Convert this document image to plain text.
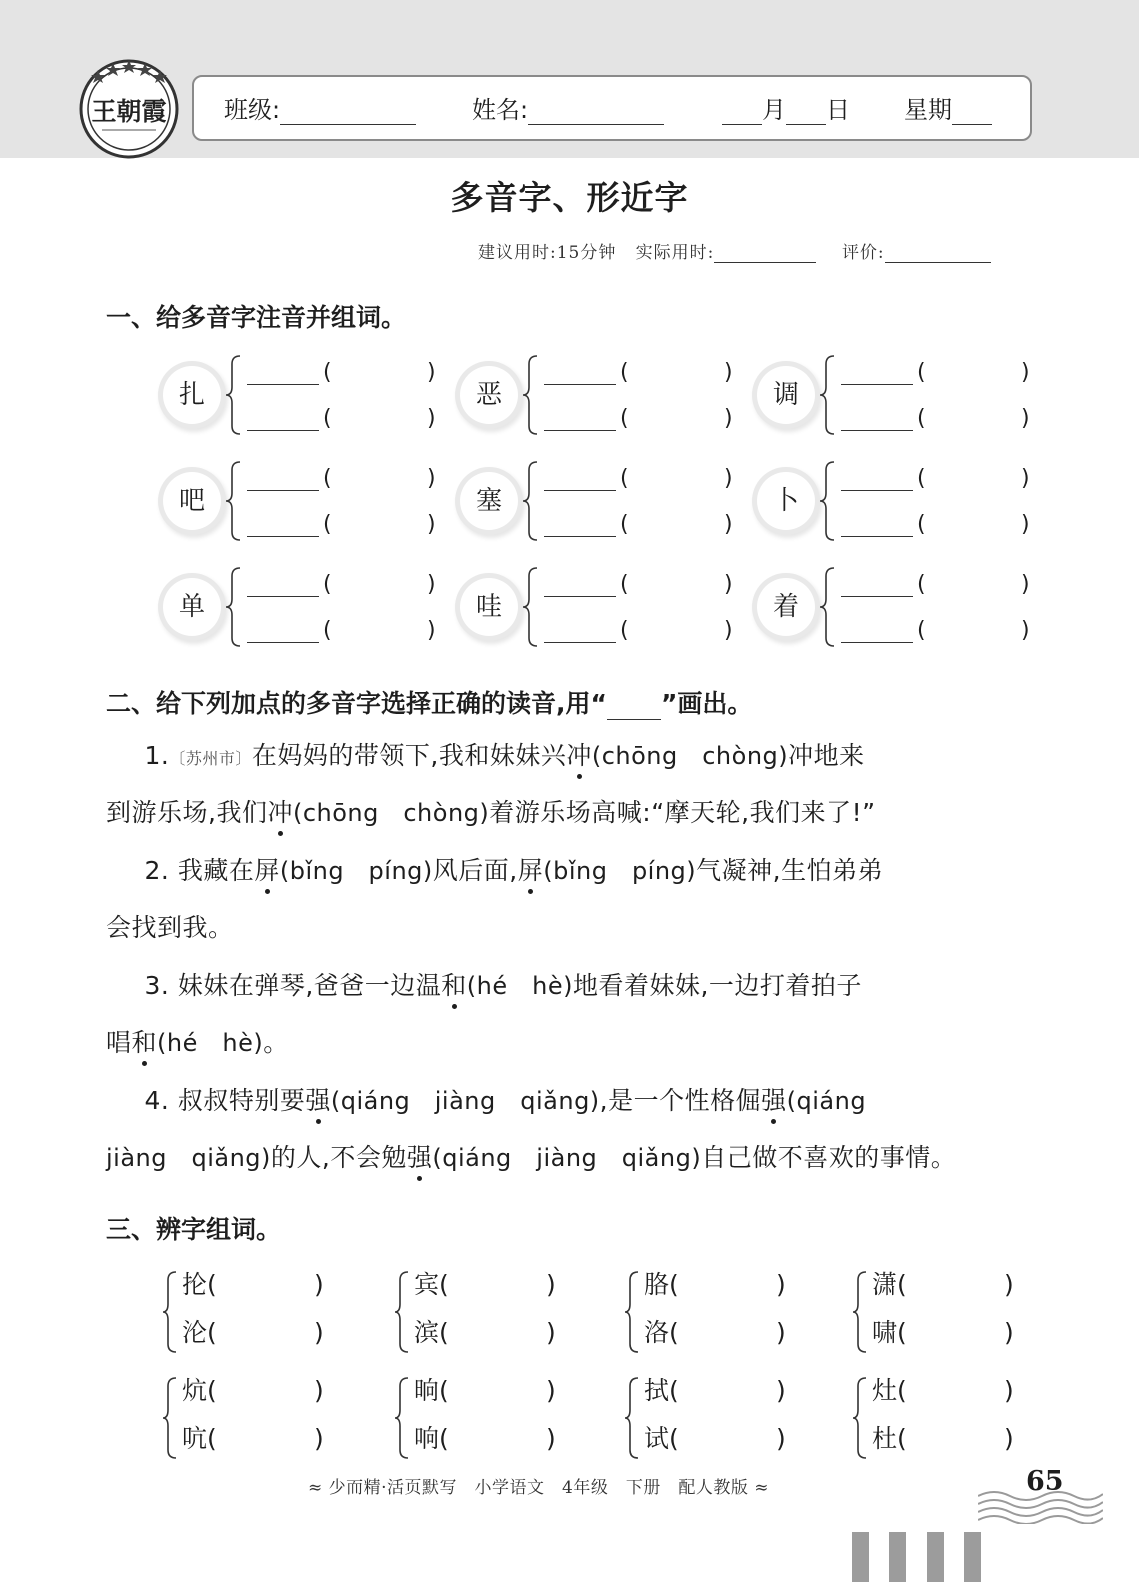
王朝霞 班级:	姓名:	月 日 星期
多音字、形近字
建议用时:15分钟 实际用时:	评价:
一、给多音字注音并组词。
扎
(	)
(	)
恶
(	)
(	)
调
(	)
(	)
吧
(	)
(	)
塞
(	)
(	)
卜
(	)
(	)
单
(	)
(	)
哇
(	)
(	)
着
(	)
(	)
二、给下列加点的多音字选择正确的读音,用“ ”画出。
  1.〔苏州市〕在妈妈的带领下,我和妹妹兴冲(chōng　chòng)冲地来
到游乐场,我们冲(chōng　chòng)着游乐场高喊:“摩天轮,我们来了!”
  2. 我藏在屏(bǐng　píng)风后面,屏(bǐng　píng)气凝神,生怕弟弟
会找到我。
  3. 妹妹在弹琴,爸爸一边温和(hé　hè)地看着妹妹,一边打着拍子
唱和(hé　hè)。
  4. 叔叔特别要强(qiáng　jiàng　qiǎng),是一个性格倔强(qiáng
jiàng　qiǎng)的人,不会勉强(qiáng　jiàng　qiǎng)自己做不喜欢的事情。
三、辨字组词。
抡(	)
沦(	)
宾(	)
滨(	)
胳(	)
洛(	)
潇(	)
啸(	)
炕(	)
吭(	)
晌(	)
响(	)
拭(	)
试(	)
灶(	)
杜(	)
≈ 少而精·活页默写　小学语文　4年级　下册　配人教版 ≈	65
